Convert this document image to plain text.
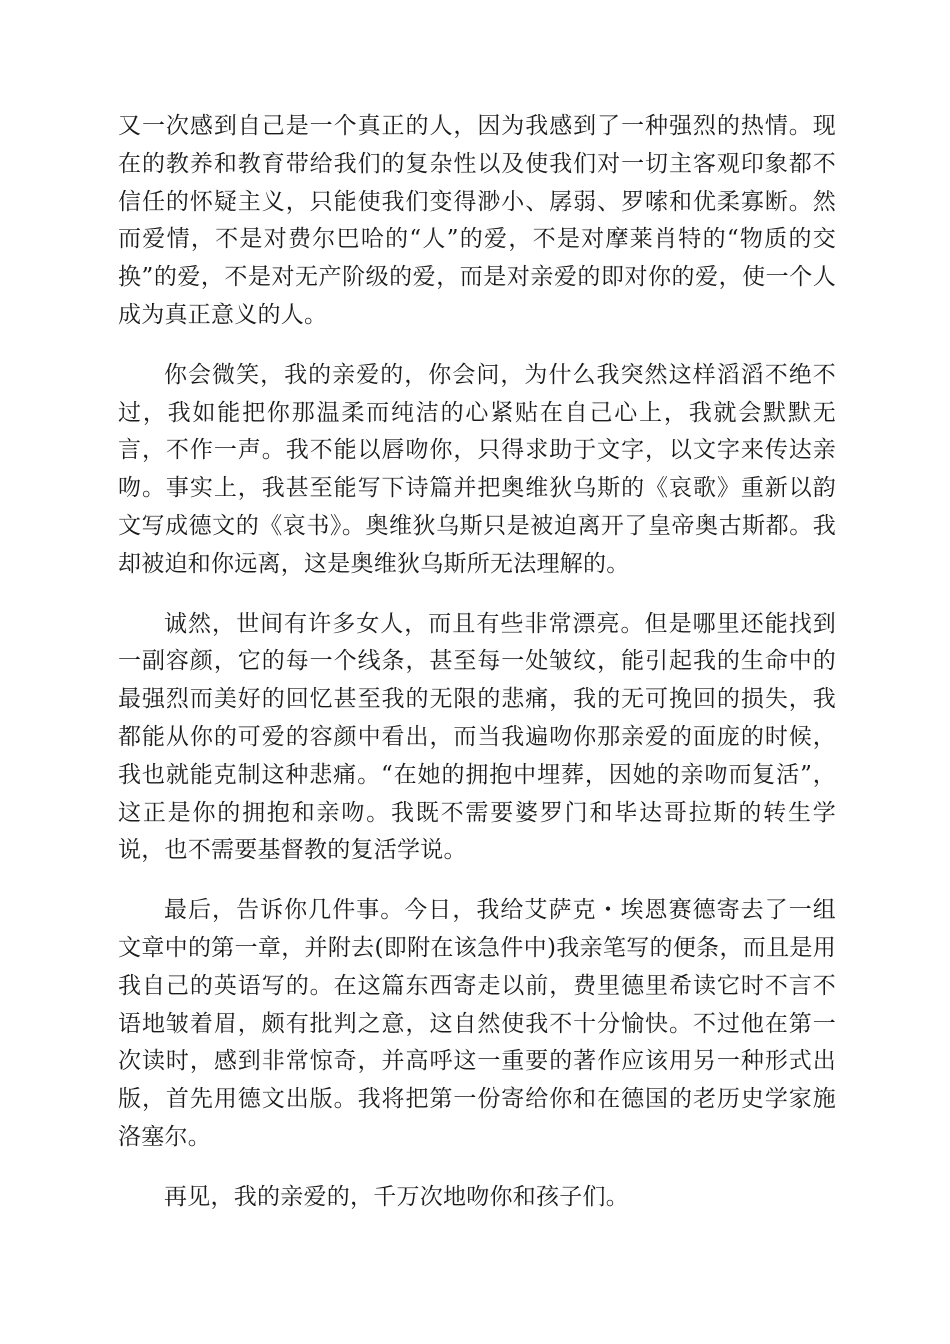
又一次感到自己是一个真正的人，因为我感到了一种强烈的热情。现在的教养和教育带给我们的复杂性以及使我们对一切主客观印象都不信任的怀疑主义，只能使我们变得渺小、孱弱、罗嗦和优柔寡断。然而爱情，不是对费尔巴哈的“人”的爱，不是对摩莱肖特的“物质的交换”的爱，不是对无产阶级的爱，而是对亲爱的即对你的爱，使一个人成为真正意义的人。

你会微笑，我的亲爱的，你会问，为什么我突然这样滔滔不绝不过，我如能把你那温柔而纯洁的心紧贴在自己心上，我就会默默无言，不作一声。我不能以唇吻你，只得求助于文字，以文字来传达亲吻。事实上，我甚至能写下诗篇并把奥维狄乌斯的《哀歌》重新以韵文写成德文的《哀书》。奥维狄乌斯只是被迫离开了皇帝奥古斯都。我却被迫和你远离，这是奥维狄乌斯所无法理解的。

诚然，世间有许多女人，而且有些非常漂亮。但是哪里还能找到一副容颜，它的每一个线条，甚至每一处皱纹，能引起我的生命中的最强烈而美好的回忆甚至我的无限的悲痛，我的无可挽回的损失，我都能从你的可爱的容颜中看出，而当我遍吻你那亲爱的面庞的时候，我也就能克制这种悲痛。“在她的拥抱中埋葬，因她的亲吻而复活”，这正是你的拥抱和亲吻。我既不需要婆罗门和毕达哥拉斯的转生学说，也不需要基督教的复活学说。

最后，告诉你几件事。今日，我给艾萨克・埃恩赛德寄去了一组文章中的第一章，并附去(即附在该急件中)我亲笔写的便条，而且是用我自己的英语写的。在这篇东西寄走以前，费里德里希读它时不言不语地皱着眉，颇有批判之意，这自然使我不十分愉快。不过他在第一次读时，感到非常惊奇，并高呼这一重要的著作应该用另一种形式出版，首先用德文出版。我将把第一份寄给你和在德国的老历史学家施洛塞尔。

再见，我的亲爱的，千万次地吻你和孩子们。
